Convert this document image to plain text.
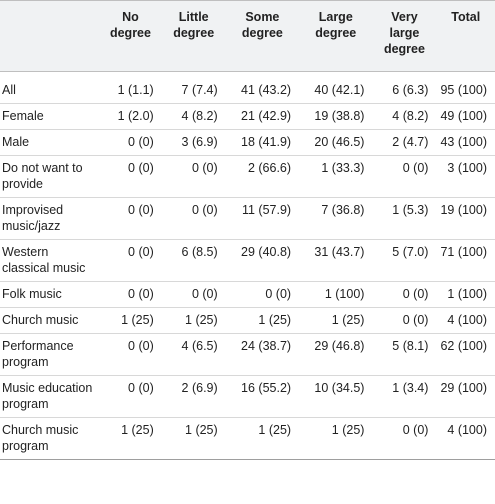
	No degree	Little degree	Some degree	Large degree	Very large degree	Total
All	1 (1.1)	7 (7.4)	41 (43.2)	40 (42.1)	6 (6.3)	95 (100)
Female	1 (2.0)	4 (8.2)	21 (42.9)	19 (38.8)	4 (8.2)	49 (100)
Male	0 (0)	3 (6.9)	18 (41.9)	20 (46.5)	2 (4.7)	43 (100)
Do not want to provide	0 (0)	0 (0)	2 (66.6)	1 (33.3)	0 (0)	3 (100)
Improvised music/jazz	0 (0)	0 (0)	11 (57.9)	7 (36.8)	1 (5.3)	19 (100)
Western classical music	0 (0)	6 (8.5)	29 (40.8)	31 (43.7)	5 (7.0)	71 (100)
Folk music	0 (0)	0 (0)	0 (0)	1 (100)	0 (0)	1 (100)
Church music	1 (25)	1 (25)	1 (25)	1 (25)	0 (0)	4 (100)
Performance program	0 (0)	4 (6.5)	24 (38.7)	29 (46.8)	5 (8.1)	62 (100)
Music education program	0 (0)	2 (6.9)	16 (55.2)	10 (34.5)	1 (3.4)	29 (100)
Church music program	1 (25)	1 (25)	1 (25)	1 (25)	0 (0)	4 (100)
